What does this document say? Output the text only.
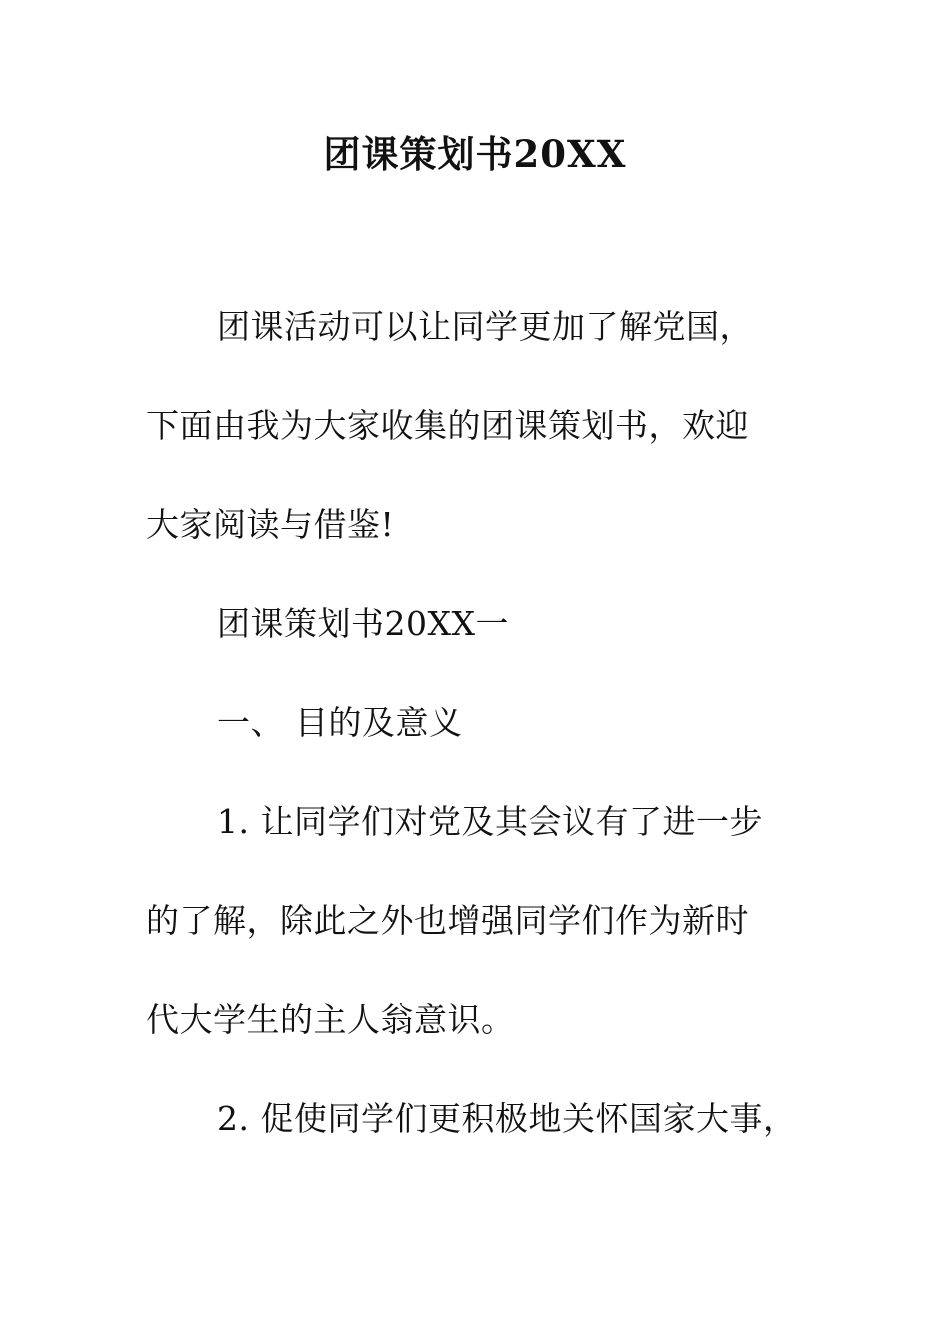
团课策划书20XX

团课活动可以让同学更加了解党国，

下面由我为大家收集的团课策划书，欢迎

大家阅读与借鉴!

团课策划书20XX一

一、 目的及意义

1. 让同学们对党及其会议有了进一步

的了解，除此之外也增强同学们作为新时

代大学生的主人翁意识。

2. 促使同学们更积极地关怀国家大事，
